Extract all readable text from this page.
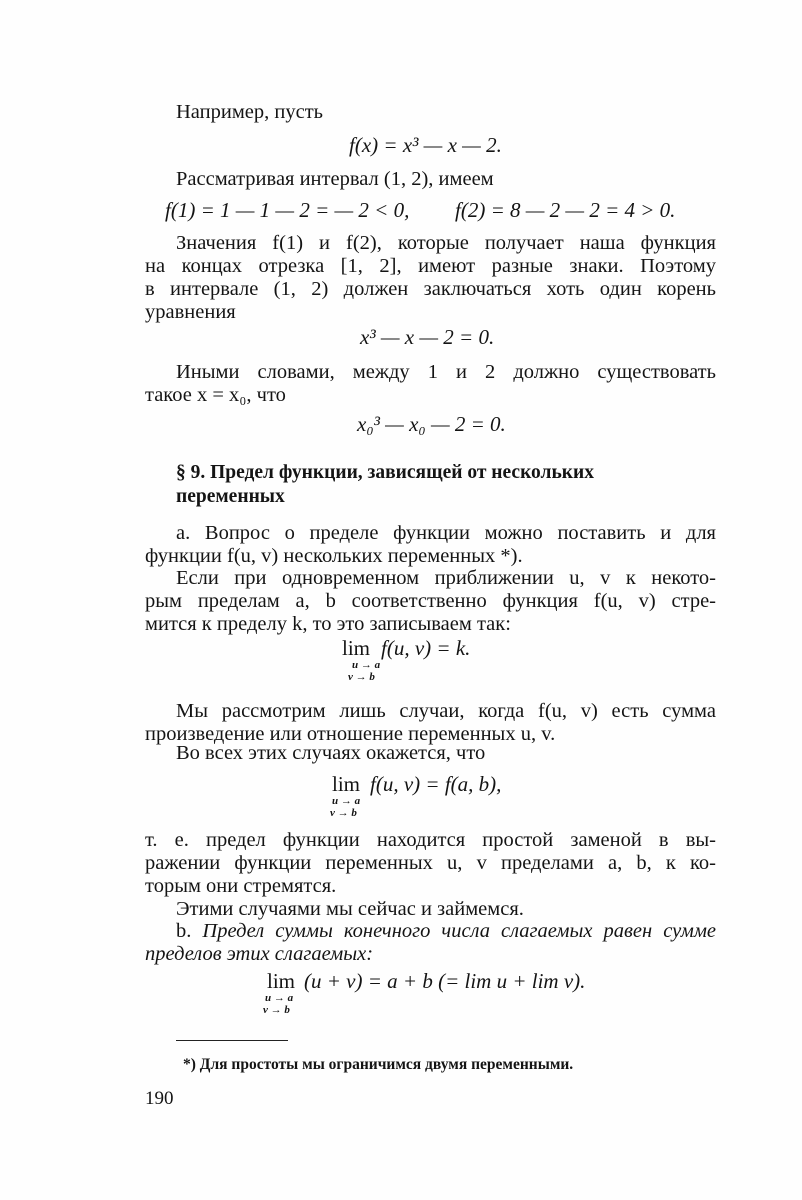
Например, пусть
f(x) = x³ — x — 2.
Рассматривая интервал (1, 2), имеем
f(1) = 1 — 1 — 2 = — 2 < 0, f(2) = 8 — 2 — 2 = 4 > 0.
Значения f(1) и f(2), которые получает наша функция
на концах отрезка [1, 2], имеют разные знаки. Поэтому
в интервале (1, 2) должен заключаться хоть один корень
уравнения
x³ — x — 2 = 0.
Иными словами, между 1 и 2 должно существовать
такое x = x₀, что
x₀³ — x₀ — 2 = 0.
§ 9. Предел функции, зависящей от нескольких
переменных
a. Вопрос о пределе функции можно поставить и для
функции f(u, v) нескольких переменных *).
Если при одновременном приближении u, v к некото-
рым пределам a, b соответственно функция f(u, v) стре-
мится к пределу k, то это записываем так:
lim
u → a
v → b
f(u, v) = k.
Мы рассмотрим лишь случаи, когда f(u, v) есть сумма
произведение или отношение переменных u, v.
Во всех этих случаях окажется, что
lim
u → a
v → b
f(u, v) = f(a, b),
т. е. предел функции находится простой заменой в вы-
ражении функции переменных u, v пределами a, b, к ко-
торым они стремятся.
Этими случаями мы сейчас и займемся.
b. Предел суммы конечного числа слагаемых равен сумме
пределов этих слагаемых:
lim
u → a
v → b
(u + v) = a + b (= lim u + lim v).
*) Для простоты мы ограничимся двумя переменными.
190
